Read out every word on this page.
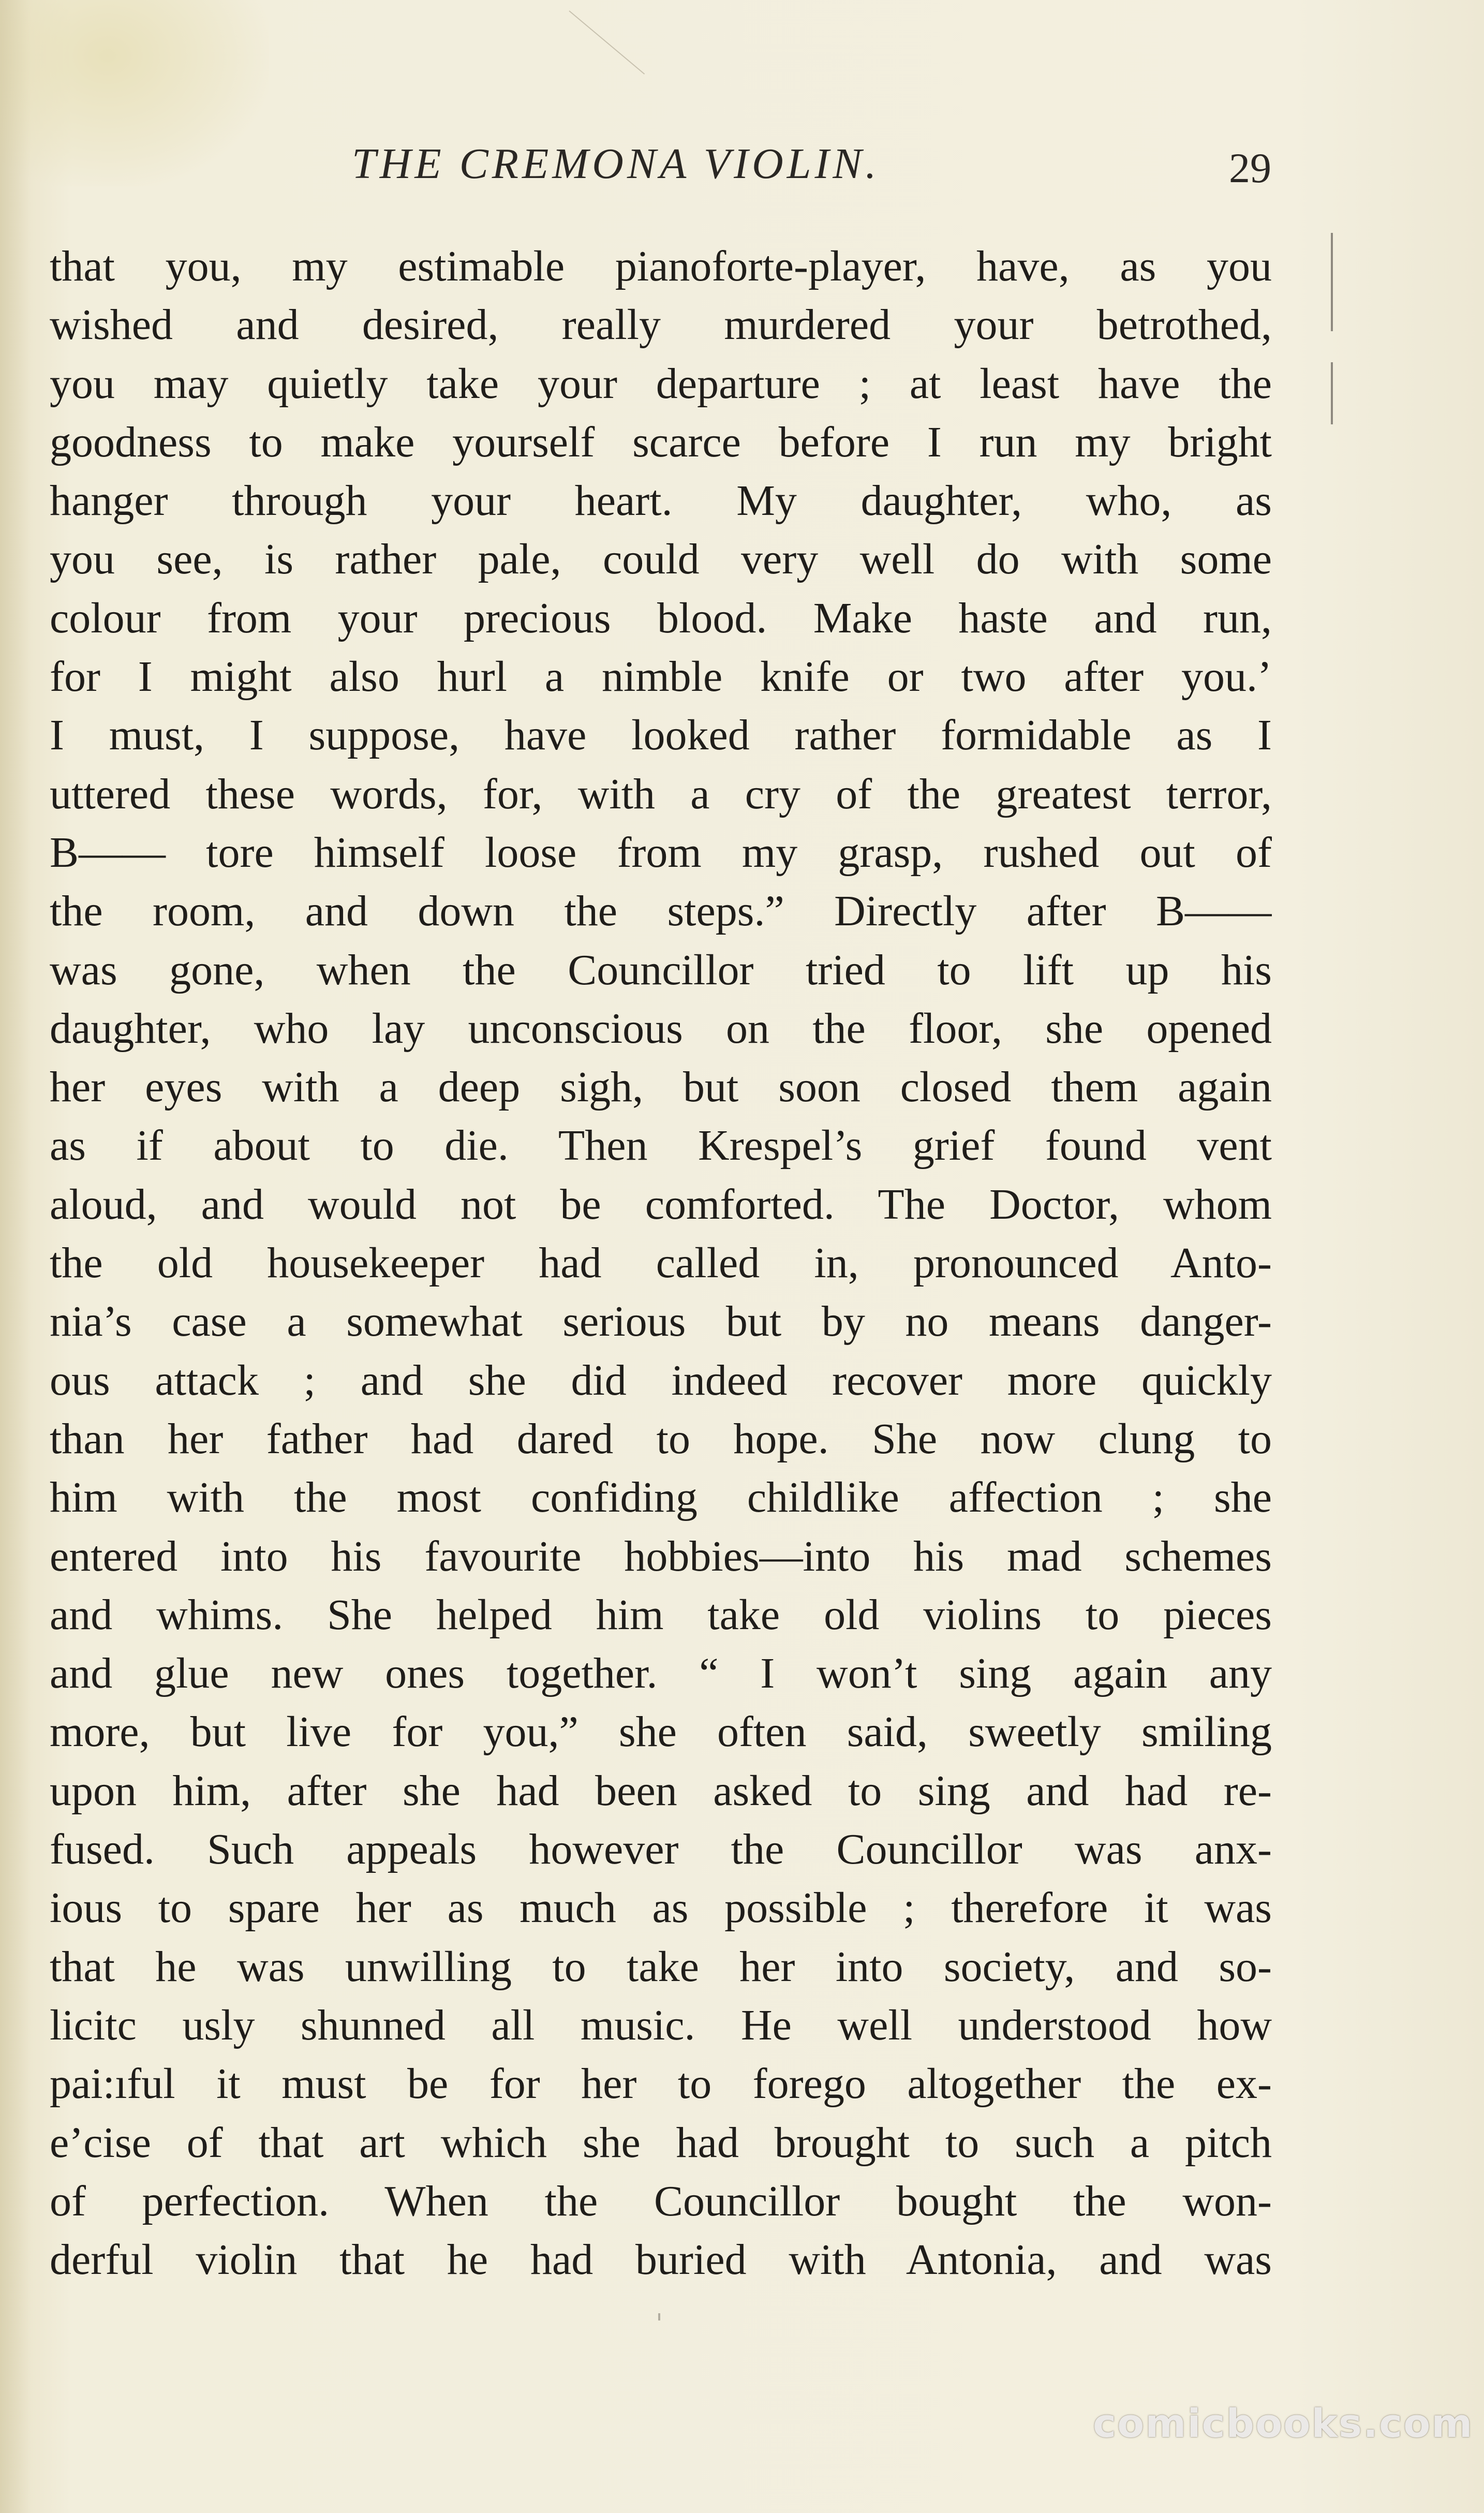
THE CREMONA VIOLIN.	29
that you, my estimable pianoforte-player, have, as you
wished and desired, really murdered your betrothed,
you may quietly take your departure ; at least have the
goodness to make yourself scarce before I run my bright
hanger through your heart. My daughter, who, as
you see, is rather pale, could very well do with some
colour from your precious blood. Make haste and run,
for I might also hurl a nimble knife or two after you.’
I must, I suppose, have looked rather formidable as I
uttered these words, for, with a cry of the greatest terror,
B—— tore himself loose from my grasp, rushed out of
the room, and down the steps.” Directly after B——
was gone, when the Councillor tried to lift up his
daughter, who lay unconscious on the floor, she opened
her eyes with a deep sigh, but soon closed them again
as if about to die. Then Krespel’s grief found vent
aloud, and would not be comforted. The Doctor, whom
the old housekeeper had called in, pronounced Anto-
nia’s case a somewhat serious but by no means danger-
ous attack ; and she did indeed recover more quickly
than her father had dared to hope. She now clung to
him with the most confiding childlike affection ; she
entered into his favourite hobbies—into his mad schemes
and whims. She helped him take old violins to pieces
and glue new ones together. “ I won’t sing again any
more, but live for you,” she often said, sweetly smiling
upon him, after she had been asked to sing and had re-
fused. Such appeals however the Councillor was anx-
ious to spare her as much as possible ; therefore it was
that he was unwilling to take her into society, and so-
licitc usly shunned all music. He well understood how
pai:ıful it must be for her to forego altogether the ex-
e’cise of that art which she had brought to such a pitch
of perfection. When the Councillor bought the won-
derful violin that he had buried with Antonia, and was
comicbooks.com
